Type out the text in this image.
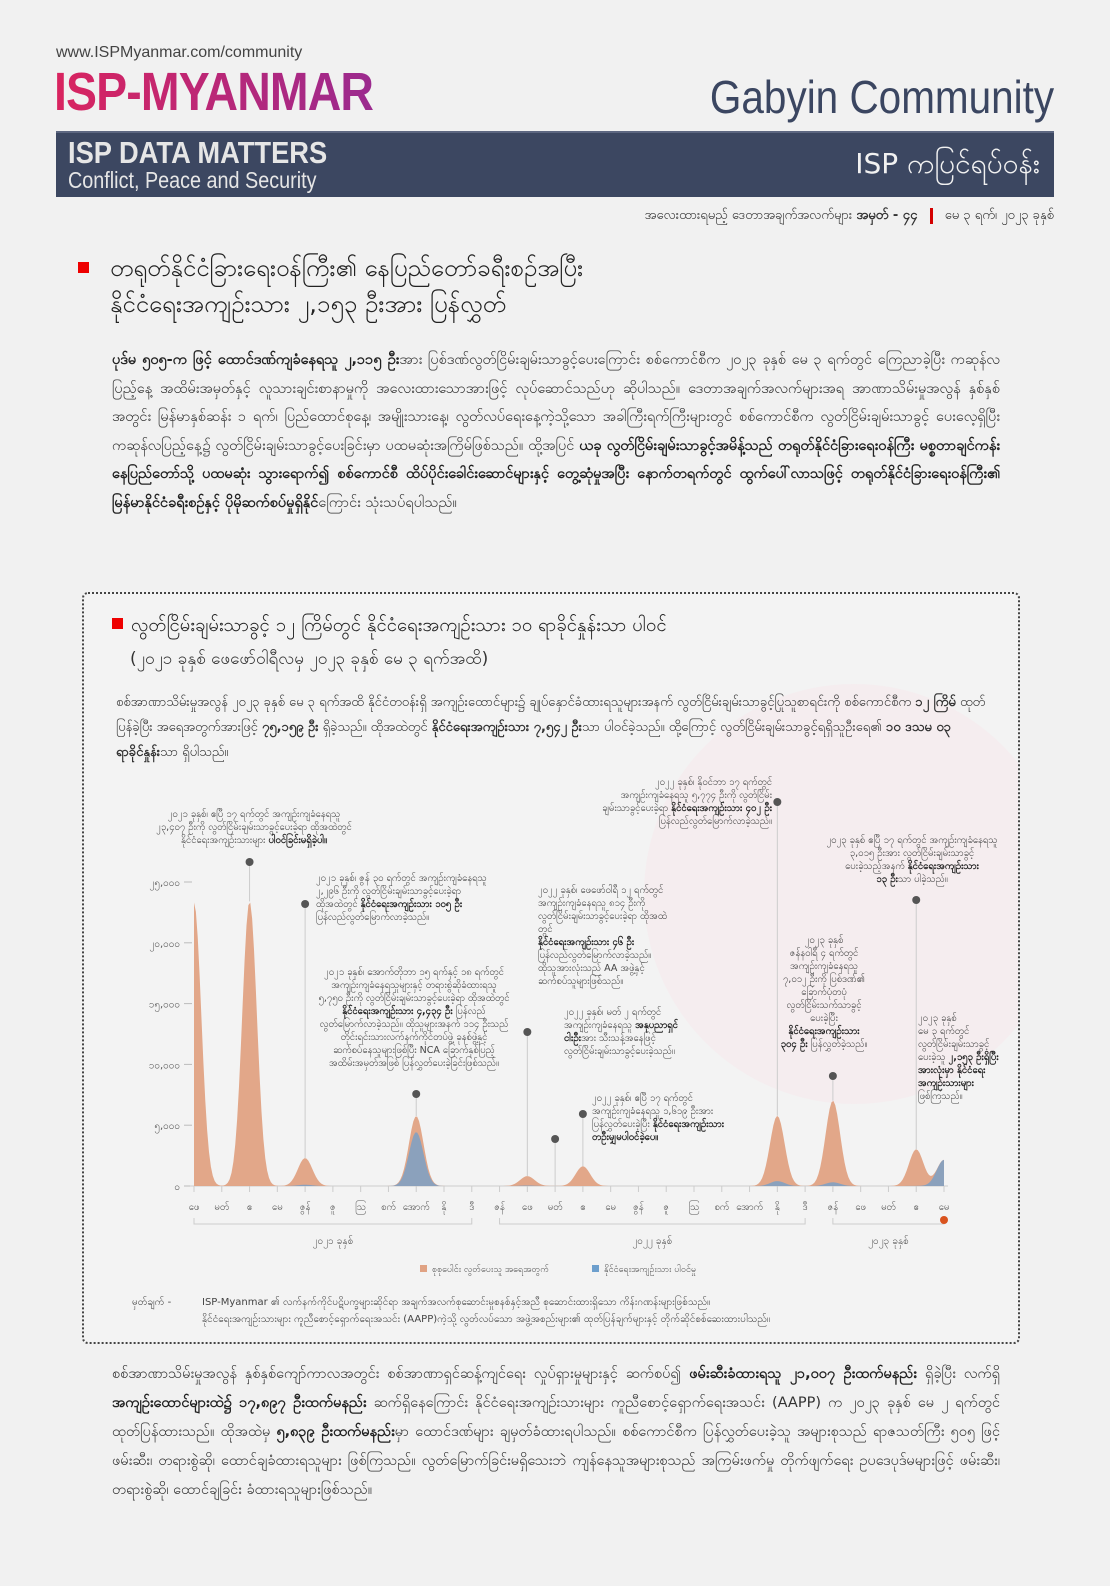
www.ISPMyanmar.com/community
ISP-MYANMAR	Gabyin Community
ISP DATA MATTERS
Conflict, Peace and Security	ISP ကပြင်ရပ်ဝန်း
အလေးထားရမည့် ဒေတာအချက်အလက်များ အမှတ် - ၄၄ မေ ၃ ရက်၊ ၂၀၂၃ ခုနှစ်
တရုတ်နိုင်ငံခြားရေးဝန်ကြီး၏ နေပြည်တော်ခရီးစဉ်အပြီး
နိုင်ငံရေးအကျဉ်းသား ၂,၁၅၃ ဦးအား ပြန်လွှတ်
ပုဒ်မ ၅၀၅-က ဖြင့် ထောင်ဒဏ်ကျခံနေရသူ ၂,၁၁၅ ဦးအား ပြစ်ဒဏ်လွတ်ငြိမ်းချမ်းသာခွင့်ပေးကြောင်း စစ်ကောင်စီက ၂၀၂၃ ခုနှစ် မေ ၃ ရက်တွင် ကြေညာခဲ့ပြီး ကဆုန်လပြည့်နေ့ အထိမ်းအမှတ်နှင့် လူသားချင်းစာနာမှုကို အလေးထားသောအားဖြင့် လုပ်ဆောင်သည်ဟု ဆိုပါသည်။ ဒေတာအချက်အလက်များအရ အာဏာသိမ်းမှုအလွန် နှစ်နှစ်အတွင်း မြန်မာနှစ်ဆန်း ၁ ရက်၊ ပြည်ထောင်စုနေ့၊ အမျိုးသားနေ့၊ လွတ်လပ်ရေးနေ့ကဲ့သို့သော အခါကြီးရက်ကြီးများတွင် စစ်ကောင်စီက လွတ်ငြိမ်းချမ်းသာခွင့် ပေးလေ့ရှိပြီး ကဆုန်လပြည့်နေ့၌ လွတ်ငြိမ်းချမ်းသာခွင့်ပေးခြင်းမှာ ပထမဆုံးအကြိမ်ဖြစ်သည်။ ထို့အပြင် ယခု လွတ်ငြိမ်းချမ်းသာခွင့်အမိန့်သည် တရုတ်နိုင်ငံခြားရေးဝန်ကြီး မစ္စတာချင်ကန်း နေပြည်တော်သို့ ပထမဆုံး သွားရောက်၍ စစ်ကောင်စီ ထိပ်ပိုင်းခေါင်းဆောင်များနှင့် တွေ့ဆုံမှုအပြီး နောက်တရက်တွင် ထွက်ပေါ်လာသဖြင့် တရုတ်နိုင်ငံခြားရေးဝန်ကြီး၏ မြန်မာနိုင်ငံခရီးစဉ်နှင့် ပိုမိုဆက်စပ်မှုရှိနိုင်ကြောင်း သုံးသပ်ရပါသည်။
လွတ်ငြိမ်းချမ်းသာခွင့် ၁၂ ကြိမ်တွင် နိုင်ငံရေးအကျဉ်းသား ၁၀ ရာခိုင်နှုန်းသာ ပါဝင်
(၂၀၂၁ ခုနှစ် ဖေဖော်ဝါရီလမှ ၂၀၂၃ ခုနှစ် မေ ၃ ရက်အထိ)
စစ်အာဏာသိမ်းမှုအလွန် ၂၀၂၃ ခုနှစ် မေ ၃ ရက်အထိ နိုင်ငံတဝန်းရှိ အကျဉ်းထောင်များ၌ ချုပ်နှောင်ခံထားရသူများအနက် လွတ်ငြိမ်းချမ်းသာခွင့်ပြုသူစာရင်းကို စစ်ကောင်စီက ၁၂ ကြိမ် ထုတ်ပြန်ခဲ့ပြီး အရေအတွက်အားဖြင့် ၇၅,၁၅၉ ဦး ရှိခဲ့သည်။ ထိုအထဲတွင် နိုင်ငံရေးအကျဉ်းသား ၇,၅၄၂ ဦးသာ ပါဝင်ခဲ့သည်။ ထို့ကြောင့် လွတ်ငြိမ်းချမ်းသာခွင့်ရရှိသူဦးရေ၏ ၁၀ ဒသမ ၀၃ ရာခိုင်နှုန်းသာ ရှိပါသည်။
၀
၅,၀၀၀
၁၀,၀၀၀
၁၅,၀၀၀
၂၀,၀၀၀
၂၅,၀၀၀
ဖေ မတ် ဧ မေ ဇွန် ဇူ ဩ စက် အောက် နို ဒီ ဇန် ဖေ မတ် ဧ မေ ဇွန် ဇူ ဩ စက် အောက် နို ဒီ ဇန် ဖေ မတ် ဧ မေ
၂၀၂၁ ခုနှစ်	၂၀၂၂ ခုနှစ်	၂၀၂၃ ခုနှစ်
စုစုပေါင်း လွတ်ပေးသူ အရေအတွက်	နိုင်ငံရေးအကျဉ်းသား ပါဝင်မှု
၂၀၂၁ ခုနှစ်၊ ဧပြီ ၁၇ ရက်တွင် အကျဉ်းကျခံနေရသူ
၂၃,၄၀၇ ဦးကို လွတ်ငြိမ်းချမ်းသာခွင့်ပေးခဲ့ရာ ထိုအထဲတွင်
နိုင်ငံရေးအကျဉ်းသားများ ပါဝင်ခြင်းမရှိခဲ့ပါ။
၂၀၂၁ ခုနှစ်၊ ဇွန် ၃၀ ရက်တွင် အကျဉ်းကျခံနေရသူ
၂,၂၉၆ ဦးကို လွတ်ငြိမ်းချမ်းသာခွင့်ပေးခဲ့ရာ
ထိုအထဲတွင် နိုင်ငံရေးအကျဉ်းသား ၁၀၅ ဦး
ပြန်လည်လွတ်မြောက်လာခဲ့သည်။
၂၀၂၁ ခုနှစ်၊ အောက်တိုဘာ ၁၅ ရက်နှင့် ၁၈ ရက်တွင်
အကျဉ်းကျခံနေရသူများနှင့် တရားစွဲဆိုခံထားရသူ
၅,၇၅၀ ဦးကို လွတ်ငြိမ်းချမ်းသာခွင့်ပေးခဲ့ရာ ထိုအထဲတွင်
နိုင်ငံရေးအကျဉ်းသား ၄,၄၃၄ ဦး ပြန်လည်
လွတ်မြောက်လာခဲ့သည်။ ထိုသူများအနက် ၁၁၄ ဦးသည်
တိုင်းရင်းသားလက်နက်ကိုင်တပ်ဖွဲ့ ခုနစ်ဖွဲ့နှင့်
ဆက်စပ်နေသူများဖြစ်ပြီး NCA ခြောက်နှစ်ပြည့်
အထိမ်းအမှတ်အဖြစ် ပြန်လွှတ်ပေးခဲ့ခြင်းဖြစ်သည်။
၂၀၂၂ ခုနှစ်၊ ဖေဖော်ဝါရီ ၁၂ ရက်တွင်
အကျဉ်းကျခံနေရသူ ၈၁၄ ဦးကို
လွတ်ငြိမ်းချမ်းသာခွင့်ပေးခဲ့ရာ ထိုအထဲတွင်
နိုင်ငံရေးအကျဉ်းသား ၄၆ ဦး
ပြန်လည်လွတ်မြောက်လာခဲ့သည်။
ထိုသူအားလုံးသည် AA အဖွဲ့နှင့်
ဆက်စပ်သူများဖြစ်သည်။
၂၀၂၂ ခုနှစ်၊ မတ် ၂ ရက်တွင်
အကျဉ်းကျခံနေရသူ အနုပညာရှင်
ငါးဦးအား သီးသန့်အနေဖြင့်
လွတ်ငြိမ်းချမ်းသာခွင့်ပေးခဲ့သည်။
၂၀၂၂ ခုနှစ်၊ ဧပြီ ၁၇ ရက်တွင်
အကျဉ်းကျခံနေရသူ ၁,၆၁၉ ဦးအား
ပြန်လွှတ်ပေးခဲ့ပြီး နိုင်ငံရေးအကျဉ်းသား
တဦးမျှမပါဝင်ခဲ့ပေ။
၂၀၂၂ ခုနှစ်၊ နိုဝင်ဘာ ၁၇ ရက်တွင်
အကျဉ်းကျခံနေရသူ ၅,၇၇၄ ဦးကို လွတ်ငြိမ်း
ချမ်းသာခွင့်ပေးခဲ့ရာ နိုင်ငံရေးအကျဉ်းသား ၄၀၂ ဦး
ပြန်လည်လွတ်မြောက်လာခဲ့သည်။
၂၀၂၃ ခုနှစ်
ဇန်နဝါရီ ၄ ရက်တွင်
အကျဉ်းကျခံနေရသူ
၇,၀၁၂ ဦးကို ပြစ်ဒဏ်၏
ခြောက်ပုံတပုံ
လွတ်ငြိမ်းသက်သာခွင့်
ပေးခဲ့ပြီး
နိုင်ငံရေးအကျဉ်းသား
၃၀၄ ဦး ပြန်လွှတ်ခဲ့သည်။
၂၀၂၃ ခုနှစ် ဧပြီ ၁၇ ရက်တွင် အကျဉ်းကျခံနေရသူ
၃,၀၁၅ ဦးအား လွတ်ငြိမ်းချမ်းသာခွင့်
ပေးခဲ့သည့်အနက် နိုင်ငံရေးအကျဉ်းသား
၁၃ ဦးသာ ပါခဲ့သည်။
၂၀၂၃ ခုနှစ်
မေ ၃ ရက်တွင်
လွတ်ငြိမ်းချမ်းသာခွင့်
ပေးခဲ့သူ ၂,၁၅၃ ဦးရှိပြီး
အားလုံးမှာ နိုင်ငံရေး
အကျဉ်းသားများ
ဖြစ်ကြသည်။
မှတ်ချက် -	ISP-Myanmar ၏ လက်နက်ကိုင်ပဋိပက္ခများဆိုင်ရာ အချက်အလက်စုဆောင်းမှုစနစ်နှင့်အညီ စုဆောင်းထားရှိသော ကိန်းဂဏန်းများဖြစ်သည်။
နိုင်ငံရေးအကျဉ်းသားများ ကူညီစောင့်ရှောက်ရေးအသင်း (AAPP)ကဲ့သို့ လွတ်လပ်သော အဖွဲ့အစည်းများ၏ ထုတ်ပြန်ချက်များနှင့် တိုက်ဆိုင်စစ်ဆေးထားပါသည်။
စစ်အာဏာသိမ်းမှုအလွန် နှစ်နှစ်ကျော်ကာလအတွင်း စစ်အာဏာရှင်ဆန့်ကျင်ရေး လှုပ်ရှားမှုများနှင့် ဆက်စပ်၍ ဖမ်းဆီးခံထားရသူ ၂၁,၀၀၇ ဦးထက်မနည်း ရှိခဲ့ပြီး လက်ရှိ အကျဉ်းထောင်များထဲ၌ ၁၇,၈၉၇ ဦးထက်မနည်း ဆက်ရှိနေကြောင်း နိုင်ငံရေးအကျဉ်းသားများ ကူညီစောင့်ရှောက်ရေးအသင်း (AAPP) က ၂၀၂၃ ခုနှစ် မေ ၂ ရက်တွင် ထုတ်ပြန်ထားသည်။ ထိုအထဲမှ ၅,၈၃၉ ဦးထက်မနည်းမှာ ထောင်ဒဏ်များ ချမှတ်ခံထားရပါသည်။ စစ်ကောင်စီက ပြန်လွှတ်ပေးခဲ့သူ အများစုသည် ရာဇသတ်ကြီး ၅၀၅ ဖြင့် ဖမ်းဆီး၊ တရားစွဲဆို၊ ထောင်ချခံထားရသူများ ဖြစ်ကြသည်။ လွတ်မြောက်ခြင်းမရှိသေးဘဲ ကျန်နေသူအများစုသည် အကြမ်းဖက်မှု တိုက်ဖျက်ရေး ဥပဒေပုဒ်မများဖြင့် ဖမ်းဆီး၊ တရားစွဲဆို၊ ထောင်ချခြင်း ခံထားရသူများဖြစ်သည်။
